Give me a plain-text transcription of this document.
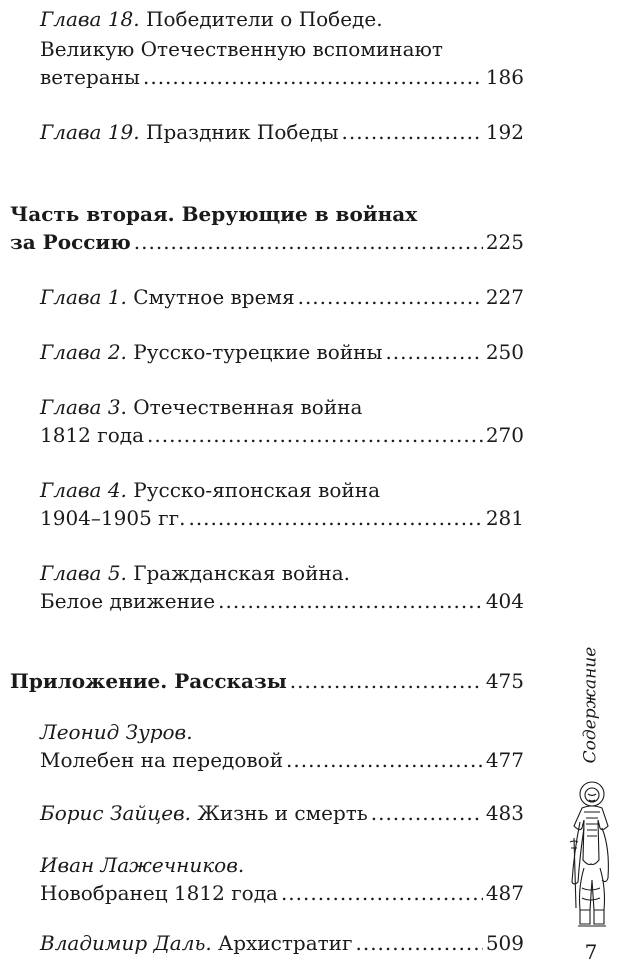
Глава 18. Победители о Победе.
Великую Отечественную вспоминают
ветераны .....	186
Глава 19. Праздник Победы .....	192
Часть вторая. Верующие в войнах
за Россию .....	225
Глава 1. Смутное время .....	227
Глава 2. Русско-турецкие войны .....	250
Глава 3. Отечественная война
1812 года .....	270
Глава 4. Русско-японская война
1904–1905 гг. .....	281
Глава 5. Гражданская война.
Белое движение .....	404
Приложение. Рассказы .....	475
Леонид Зуров.
Молебен на передовой .....	477
Борис Зайцев. Жизнь и смерть .....	483
Иван Лажечников.
Новобранец 1812 года .....	487
Владимир Даль. Архистратиг .....	509
Содержание
7
